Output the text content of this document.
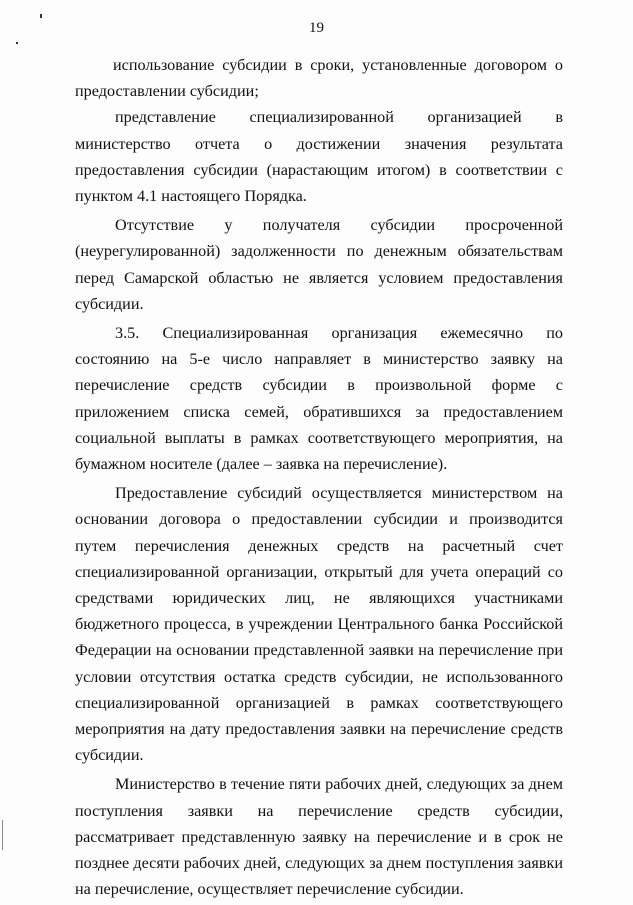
19

использование субсидии в сроки, установленные договором о предоставлении субсидии;

представление специализированной организацией в министерство отчета о достижении значения результата предоставления субсидии (нарастающим итогом) в соответствии с пунктом 4.1 настоящего Порядка.

Отсутствие у получателя субсидии просроченной (неурегулированной) задолженности по денежным обязательствам перед Самарской областью не является условием предоставления субсидии.

3.5. Специализированная организация ежемесячно по состоянию на 5-е число направляет в министерство заявку на перечисление средств субсидии в произвольной форме с приложением списка семей, обратившихся за предоставлением социальной выплаты в рамках соответствующего мероприятия, на бумажном носителе (далее – заявка на перечисление).

Предоставление субсидий осуществляется министерством на основании договора о предоставлении субсидии и производится путем перечисления денежных средств на расчетный счет специализированной организации, открытый для учета операций со средствами юридических лиц, не являющихся участниками бюджетного процесса, в учреждении Центрального банка Российской Федерации на основании представленной заявки на перечисление при условии отсутствия остатка средств субсидии, не использованного специализированной организацией в рамках соответствующего мероприятия на дату предоставления заявки на перечисление средств субсидии.

Министерство в течение пяти рабочих дней, следующих за днем поступления заявки на перечисление средств субсидии, рассматривает представленную заявку на перечисление и в срок не позднее десяти рабочих дней, следующих за днем поступления заявки на перечисление, осуществляет перечисление субсидии.
